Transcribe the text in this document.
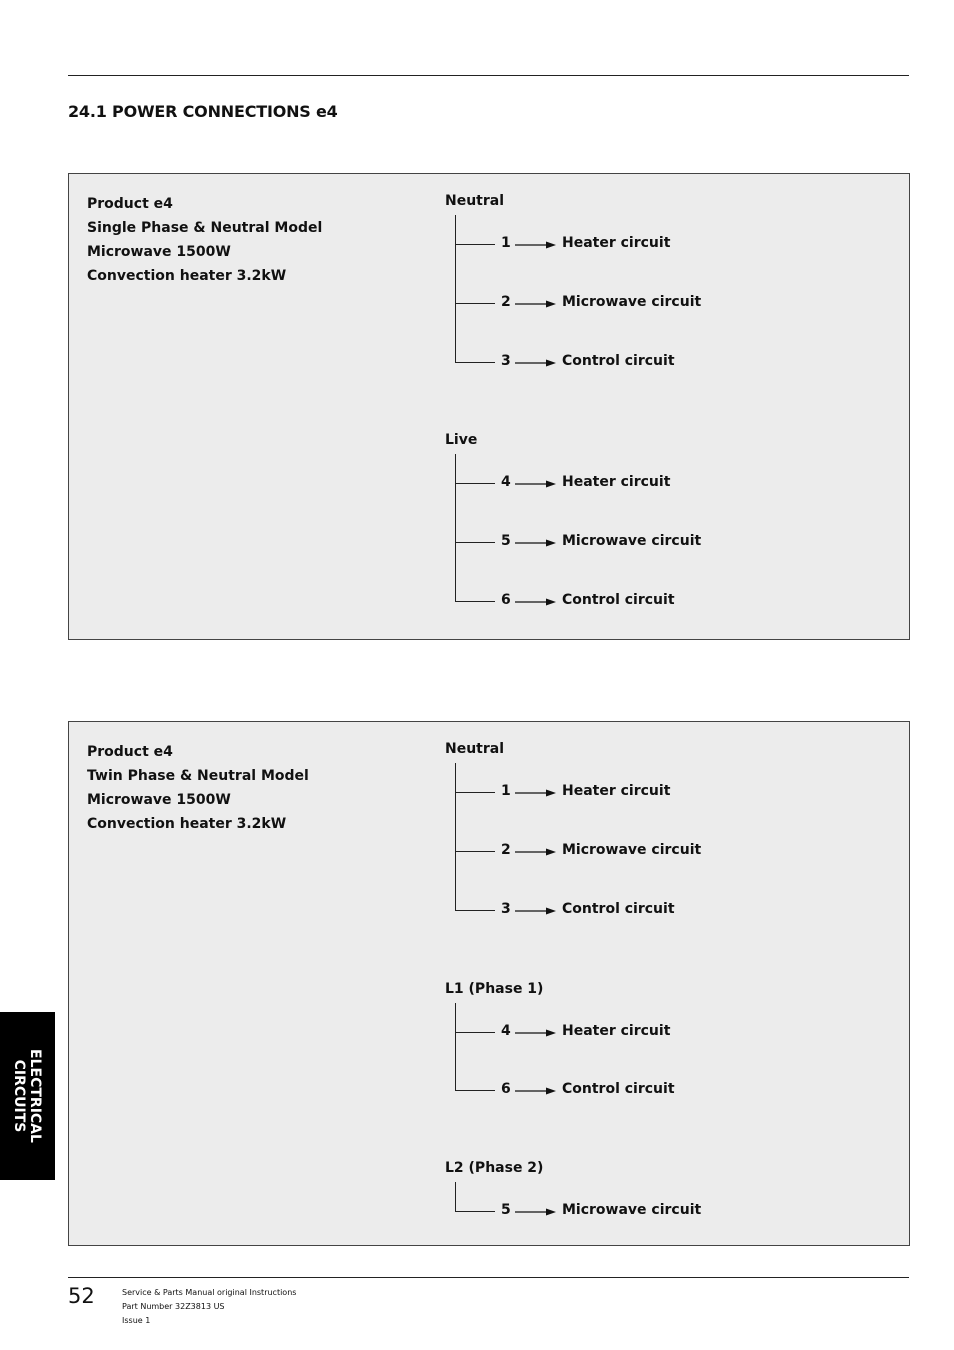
24.1 POWER CONNECTIONS e4
Product e4
Single Phase & Neutral Model
Microwave 1500W
Convection heater 3.2kW
Neutral
1	Heater circuit
2	Microwave circuit
3	Control circuit
Live
4	Heater circuit
5	Microwave circuit
6	Control circuit
Product e4
Twin Phase & Neutral Model
Microwave 1500W
Convection heater 3.2kW
Neutral
1	Heater circuit
2	Microwave circuit
3	Control circuit
L1 (Phase 1)
4	Heater circuit
6	Control circuit
L2 (Phase 2)
5	Microwave circuit
ELECTRICAL
CIRCUITS
52	Service & Parts Manual original Instructions
Part Number 32Z3813 US
Issue 1
